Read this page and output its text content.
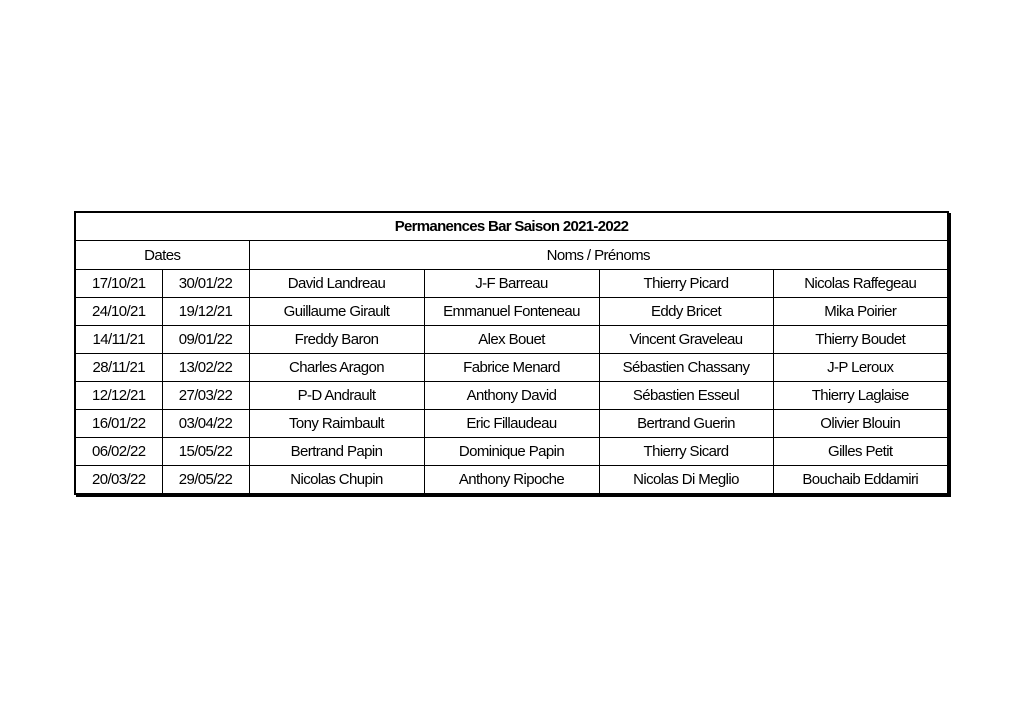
Permanences Bar Saison 2021-2022					
Dates		Noms / Prénoms			
17/10/21	30/01/22	David Landreau	J-F Barreau	Thierry Picard	Nicolas Raffegeau
24/10/21	19/12/21	Guillaume Girault	Emmanuel Fonteneau	Eddy Bricet	Mika Poirier
14/11/21	09/01/22	Freddy Baron	Alex Bouet	Vincent Graveleau	Thierry Boudet
28/11/21	13/02/22	Charles Aragon	Fabrice Menard	Sébastien Chassany	J-P Leroux
12/12/21	27/03/22	P-D Andrault	Anthony David	Sébastien Esseul	Thierry Laglaise
16/01/22	03/04/22	Tony Raimbault	Eric Fillaudeau	Bertrand Guerin	Olivier Blouin
06/02/22	15/05/22	Bertrand Papin	Dominique Papin	Thierry Sicard	Gilles Petit
20/03/22	29/05/22	Nicolas Chupin	Anthony Ripoche	Nicolas Di Meglio	Bouchaib Eddamiri
